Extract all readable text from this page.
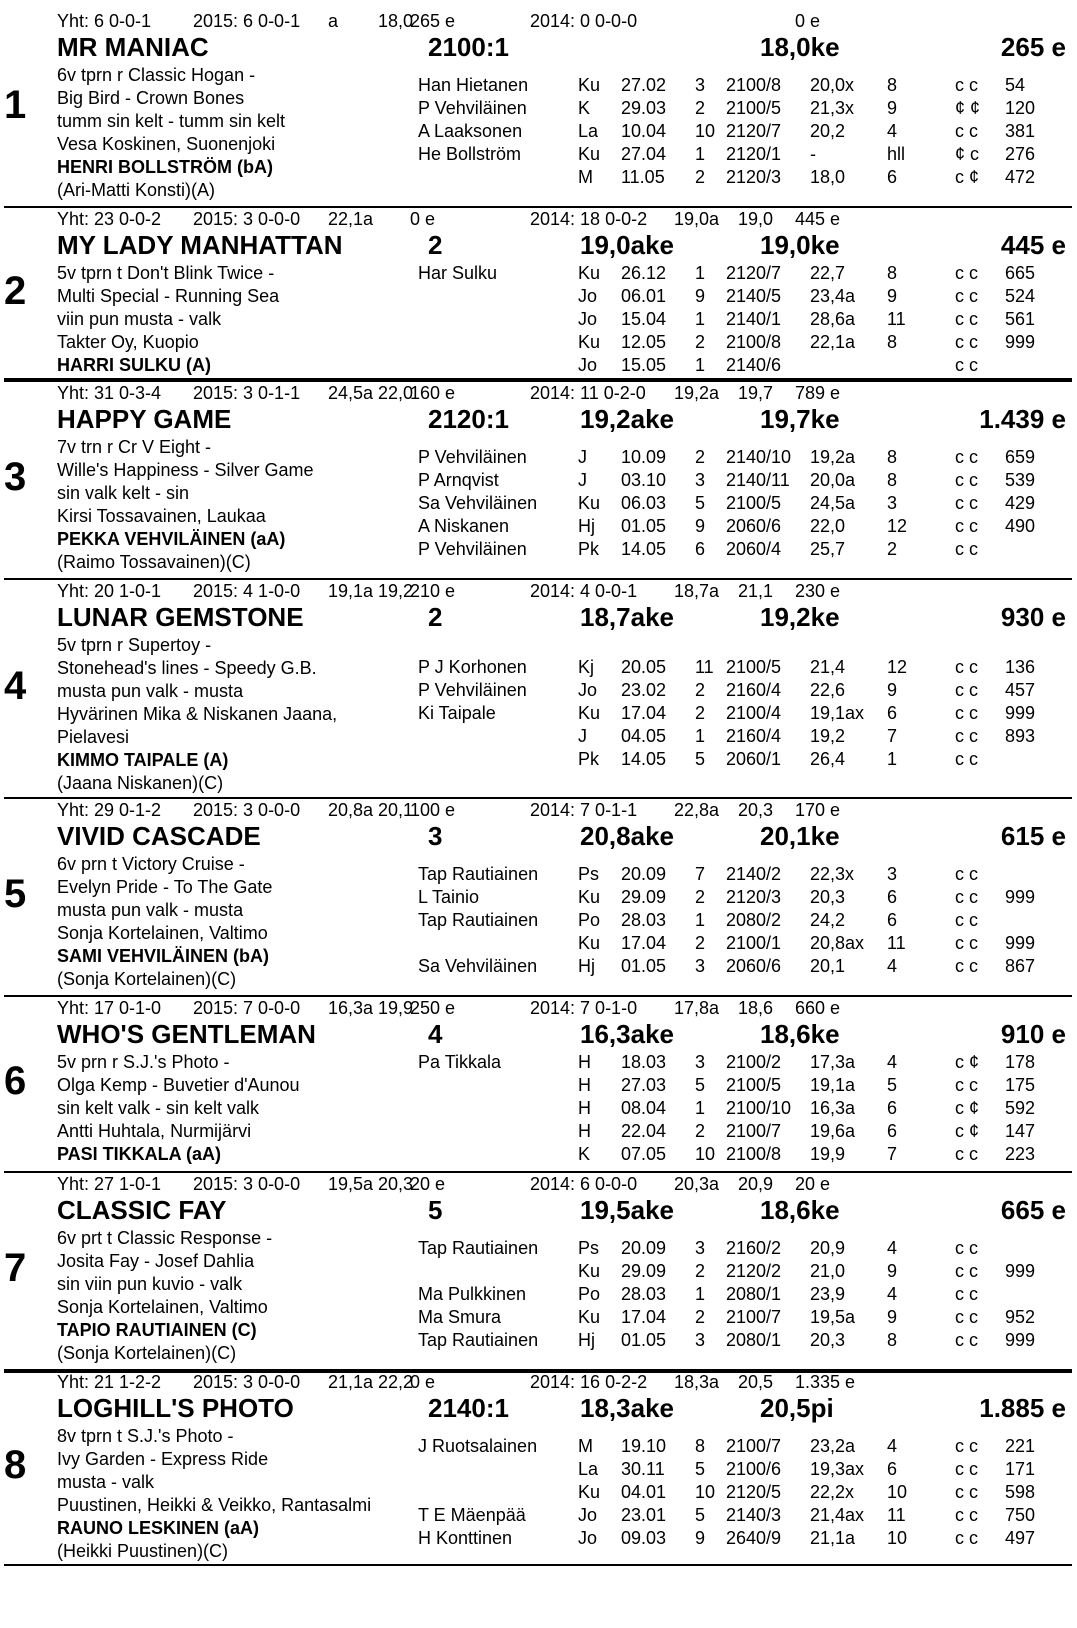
1
Yht: 6 0-0-1 2015: 6 0-0-1 a 18,0
265 e	2014: 0 0-0-0	0 e
MR MANIAC	2100:1	18,0ke	265 e
6v tprn r Classic Hogan -
Big Bird - Crown Bones
tumm sin kelt - tumm sin kelt
Vesa Koskinen, Suonenjoki
HENRI BOLLSTRÖM (bA)
(Ari-Matti Konsti)(A)
Han Hietanen	Ku 27.02 3 2100/8 20,0x 8	c c 54
P Vehviläinen	K 29.03 2 2100/5 21,3x 9	¢ ¢ 120
A Laaksonen	La 10.04 10 2120/7 20,2 4	c c 381
He Bollström	Ku 27.04 1 2120/1 -	hll	¢ c 276
M 11.05 2 2120/3 18,0 6	c ¢ 472
2
Yht: 23 0-0-2 2015: 3 0-0-0 22,1a 0 e	2014: 18 0-0-2 19,0a 19,0 445 e
MY LADY MANHATTAN	2	19,0ake	19,0ke	445 e
5v tprn t Don't Blink Twice -
Multi Special - Running Sea
viin pun musta - valk
Takter Oy, Kuopio
HARRI SULKU (A)
Har Sulku	Ku 26.12 1 2120/7 22,7 8	c c 665
Jo 06.01 9 2140/5 23,4a 9	c c 524
Jo 15.04 1 2140/1 28,6a 11	c c 561
Ku 12.05 2 2100/8 22,1a 8	c c 999
Jo 15.05 1 2140/6	c c
3
Yht: 31 0-3-4 2015: 3 0-1-1 24,5a 22,0
160 e	2014: 11 0-2-0 19,2a 19,7 789 e
HAPPY GAME	2120:1	19,2ake	19,7ke	1.439 e
7v trn r Cr V Eight -
Wille's Happiness - Silver Game
sin valk kelt - sin
Kirsi Tossavainen, Laukaa
PEKKA VEHVILÄINEN (aA)
(Raimo Tossavainen)(C)
P Vehviläinen	J 10.09 2 2140/10 19,2a 8	c c 659
P Arnqvist	J 03.10 3 2140/11 20,0a 8	c c 539
Sa Vehviläinen Ku 06.03 5 2100/5 24,5a 3	c c 429
A Niskanen	Hj 01.05 9 2060/6 22,0 12	c c 490
P Vehviläinen	Pk 14.05 6 2060/4 25,7 2	c c
4
Yht: 20 1-0-1 2015: 4 1-0-0 19,1a 19,2
210 e	2014: 4 0-0-1 18,7a 21,1 230 e
LUNAR GEMSTONE	2	18,7ake	19,2ke	930 e
5v tprn r Supertoy -
Stonehead's lines - Speedy G.B.
musta pun valk - musta
Hyvärinen Mika & Niskanen Jaana,
Pielavesi
KIMMO TAIPALE (A)
(Jaana Niskanen)(C)
P J Korhonen	Kj 20.05 11 2100/5 21,4 12	c c 136
P Vehviläinen	Jo 23.02 2 2160/4 22,6 9	c c 457
Ki Taipale	Ku 17.04 2 2100/4 19,1ax 6	c c 999
J 04.05 1 2160/4 19,2 7	c c 893
Pk 14.05 5 2060/1 26,4 1	c c
5
Yht: 29 0-1-2 2015: 3 0-0-0 20,8a 20,1
100 e	2014: 7 0-1-1 22,8a 20,3 170 e
VIVID CASCADE	3	20,8ake	20,1ke	615 e
6v prn t Victory Cruise -
Evelyn Pride - To The Gate
musta pun valk - musta
Sonja Kortelainen, Valtimo
SAMI VEHVILÄINEN (bA)
(Sonja Kortelainen)(C)
Tap Rautiainen Ps 20.09 7 2140/2 22,3x 3	c c
L Tainio	Ku 29.09 2 2120/3 20,3 6	c c 999
Tap Rautiainen Po 28.03 1 2080/2 24,2 6	c c
Ku 17.04 2 2100/1 20,8ax 11	c c 999
Sa Vehviläinen Hj 01.05 3 2060/6 20,1 4	c c 867
6
Yht: 17 0-1-0 2015: 7 0-0-0 16,3a 19,9
250 e	2014: 7 0-1-0 17,8a 18,6 660 e
WHO'S GENTLEMAN	4	16,3ake	18,6ke	910 e
5v prn r S.J.'s Photo -
Olga Kemp - Buvetier d'Aunou
sin kelt valk - sin kelt valk
Antti Huhtala, Nurmijärvi
PASI TIKKALA (aA)
Pa Tikkala	H 18.03 3 2100/2 17,3a 4	c ¢ 178
H 27.03 5 2100/5 19,1a 5	c c 175
H 08.04 1 2100/10 16,3a 6	c ¢ 592
H 22.04 2 2100/7 19,6a 6	c ¢ 147
K 07.05 10 2100/8 19,9 7	c c 223
7
Yht: 27 1-0-1 2015: 3 0-0-0 19,5a 20,3
20 e	2014: 6 0-0-0 20,3a 20,9 20 e
CLASSIC FAY	5	19,5ake	18,6ke	665 e
6v prt t Classic Response -
Josita Fay - Josef Dahlia
sin viin pun kuvio - valk
Sonja Kortelainen, Valtimo
TAPIO RAUTIAINEN (C)
(Sonja Kortelainen)(C)
Tap Rautiainen Ps 20.09 3 2160/2 20,9 4	c c
Ku 29.09 2 2120/2 21,0 9	c c 999
Ma Pulkkinen	Po 28.03 1 2080/1 23,9 4	c c
Ma Smura	Ku 17.04 2 2100/7 19,5a 9	c c 952
Tap Rautiainen Hj 01.05 3 2080/1 20,3 8	c c 999
8
Yht: 21 1-2-2 2015: 3 0-0-0 21,1a 22,2
0 e	2014: 16 0-2-2 18,3a 20,5 1.335 e
LOGHILL'S PHOTO	2140:1	18,3ake	20,5pi	1.885 e
8v tprn t S.J.'s Photo -
Ivy Garden - Express Ride
musta - valk
Puustinen, Heikki & Veikko, Rantasalmi
RAUNO LESKINEN (aA)
(Heikki Puustinen)(C)
J Ruotsalainen M 19.10 8 2100/7 23,2a 4	c c 221
La 30.11 5 2100/6 19,3ax 6	c c 171
Ku 04.01 10 2120/5 22,2x 10	c c 598
T E Mäenpää	Jo 23.01 5 2140/3 21,4ax 11	c c 750
H Konttinen	Jo 09.03 9 2640/9 21,1a 10	c c 497
